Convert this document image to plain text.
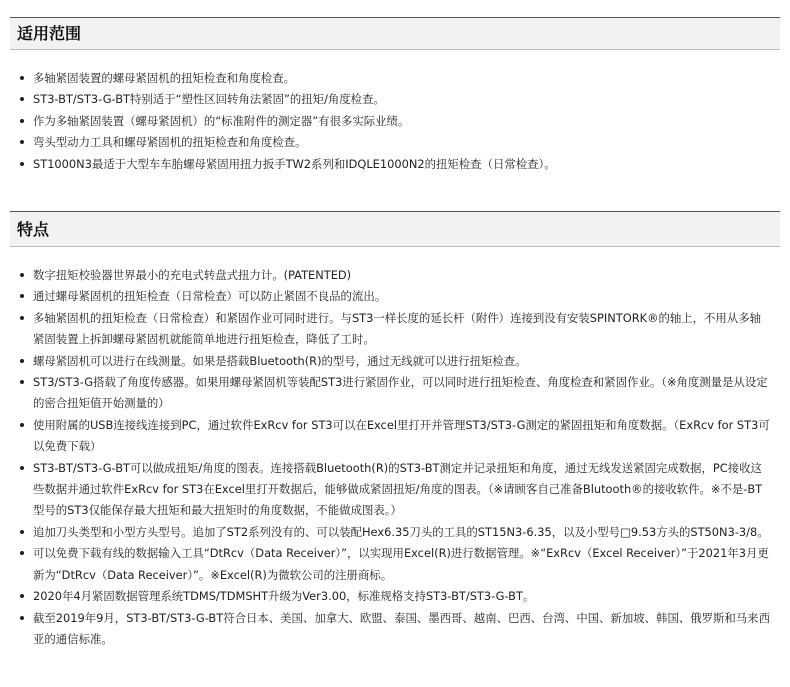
适用范围
多轴紧固装置的螺母紧固机的扭矩检查和角度检查。
ST3-BT/ST3-G-BT特别适于“塑性区回转角法紧固”的扭矩/角度检查。
作为多轴紧固装置（螺母紧固机）的“标准附件的测定器”有很多实际业绩。
弯头型动力工具和螺母紧固机的扭矩检查和角度检查。
ST1000N3最适于大型车车胎螺母紧固用扭力扳手TW2系列和IDQLE1000N2的扭矩检查（日常检查）。
特点
数字扭矩校验器世界最小的充电式转盘式扭力计。(PATENTED)
通过螺母紧固机的扭矩检查（日常检查）可以防止紧固不良品的流出。
多轴紧固机的扭矩检查（日常检查）和紧固作业可同时进行。与ST3一样长度的延长杆（附件）连接到没有安装SPINTORK®的轴上，不用从多轴紧固装置上拆卸螺母紧固机就能简单地进行扭矩检查，降低了工时。
螺母紧固机可以进行在线测量。如果是搭载Bluetooth(R)的型号，通过无线就可以进行扭矩检查。
ST3/ST3-G搭载了角度传感器。如果用螺母紧固机等装配ST3进行紧固作业，可以同时进行扭矩检查、角度检查和紧固作业。（※角度测量是从设定的密合扭矩值开始测量的）
使用附属的USB连接线连接到PC，通过软件ExRcv for ST3可以在Excel里打开并管理ST3/ST3-G测定的紧固扭矩和角度数据。（ExRcv for ST3可以免费下载）
ST3-BT/ST3-G-BT可以做成扭矩/角度的图表。连接搭载Bluetooth(R)的ST3-BT测定并记录扭矩和角度，通过无线发送紧固完成数据，PC接收这些数据并通过软件ExRcv for ST3在Excel里打开数据后，能够做成紧固扭矩/角度的图表。（※请顾客自己准备Blutooth®的接收软件。※不是-BT型号的ST3仅能保存最大扭矩和最大扭矩时的角度数据，不能做成图表。）
追加刀头类型和小型方头型号。追加了ST2系列没有的、可以装配Hex6.35刀头的工具的ST15N3-6.35，以及小型号□9.53方头的ST50N3-3/8。
可以免费下载有线的数据输入工具“DtRcv（Data Receiver）”，以实现用Excel(R)进行数据管理。※“ExRcv（Excel Receiver）”于2021年3月更新为“DtRcv（Data Receiver）”。※Excel(R)为微软公司的注册商标。
2020年4月紧固数据管理系统TDMS/TDMSHT升级为Ver3.00，标准规格支持ST3-BT/ST3-G-BT。
截至2019年9月，ST3-BT/ST3-G-BT符合日本、美国、加拿大、欧盟、泰国、墨西哥、越南、巴西、台湾、中国、新加坡、韩国、俄罗斯和马来西亚的通信标准。
